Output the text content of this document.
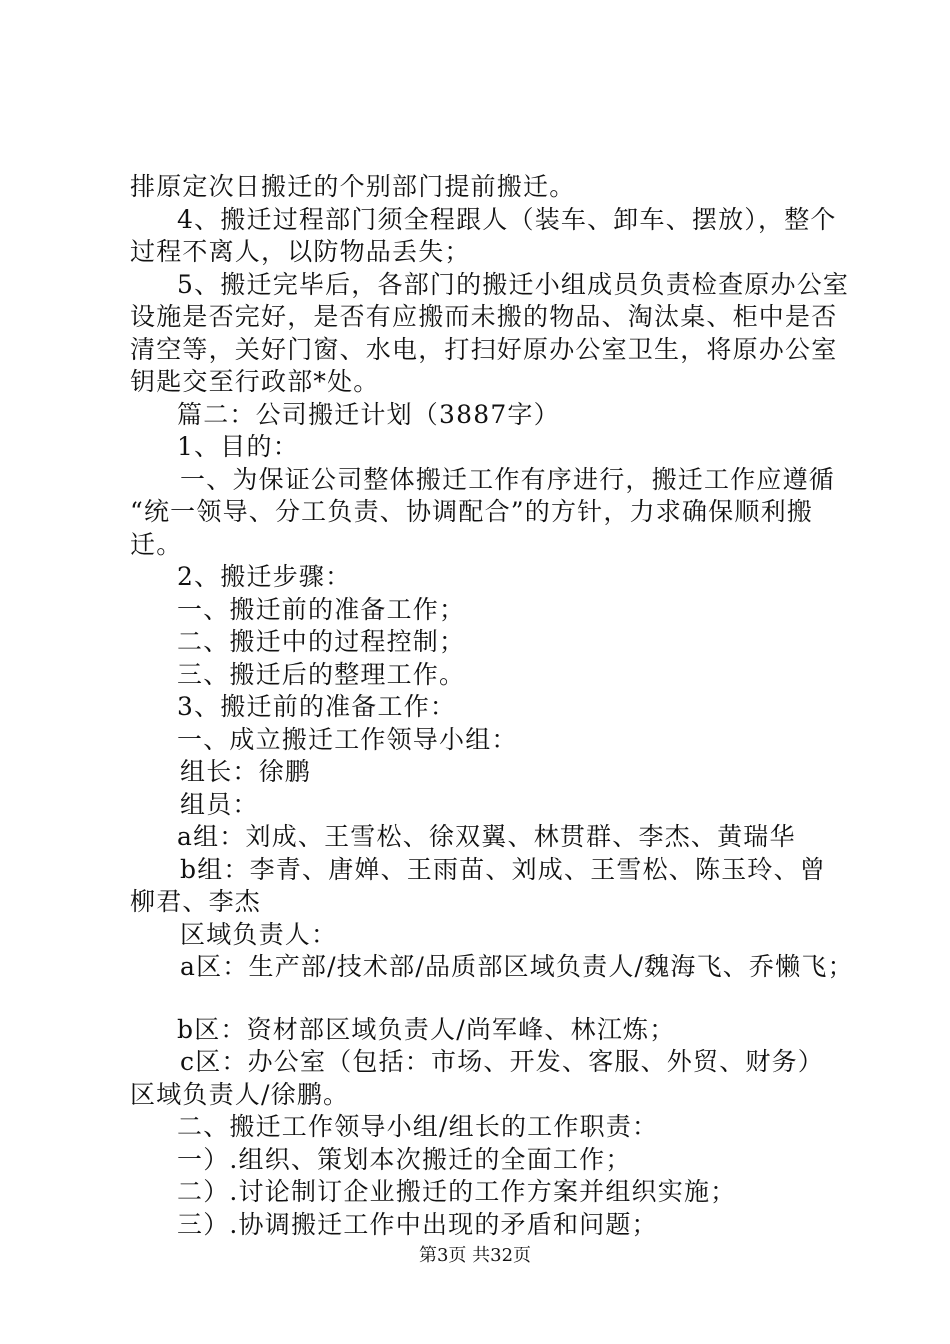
排原定次日搬迁的个别部门提前搬迁。
4、搬迁过程部门须全程跟人（装车、卸车、摆放），整个
过程不离人，以防物品丢失；
5、搬迁完毕后，各部门的搬迁小组成员负责检查原办公室
设施是否完好，是否有应搬而未搬的物品、淘汰桌、柜中是否
清空等，关好门窗、水电，打扫好原办公室卫生，将原办公室
钥匙交至行政部*处。
篇二：公司搬迁计划（3887字）
1、目的：
一、为保证公司整体搬迁工作有序进行，搬迁工作应遵循
“统一领导、分工负责、协调配合”的方针，力求确保顺利搬
迁。
2、搬迁步骤：
一、搬迁前的准备工作；
二、搬迁中的过程控制；
三、搬迁后的整理工作。
3、搬迁前的准备工作：
一、成立搬迁工作领导小组：
组长：徐鹏
组员：
a组：刘成、王雪松、徐双翼、林贯群、李杰、黄瑞华
b组：李青、唐婵、王雨苗、刘成、王雪松、陈玉玲、曾
柳君、李杰
区域负责人：
a区：生产部/技术部/品质部区域负责人/魏海飞、乔懒飞；
b区：资材部区域负责人/尚军峰、林江炼；
c区：办公室（包括：市场、开发、客服、外贸、财务）
区域负责人/徐鹏。
二、搬迁工作领导小组/组长的工作职责：
一）.组织、策划本次搬迁的全面工作；
二）.讨论制订企业搬迁的工作方案并组织实施；
三）.协调搬迁工作中出现的矛盾和问题；
第3页 共32页
